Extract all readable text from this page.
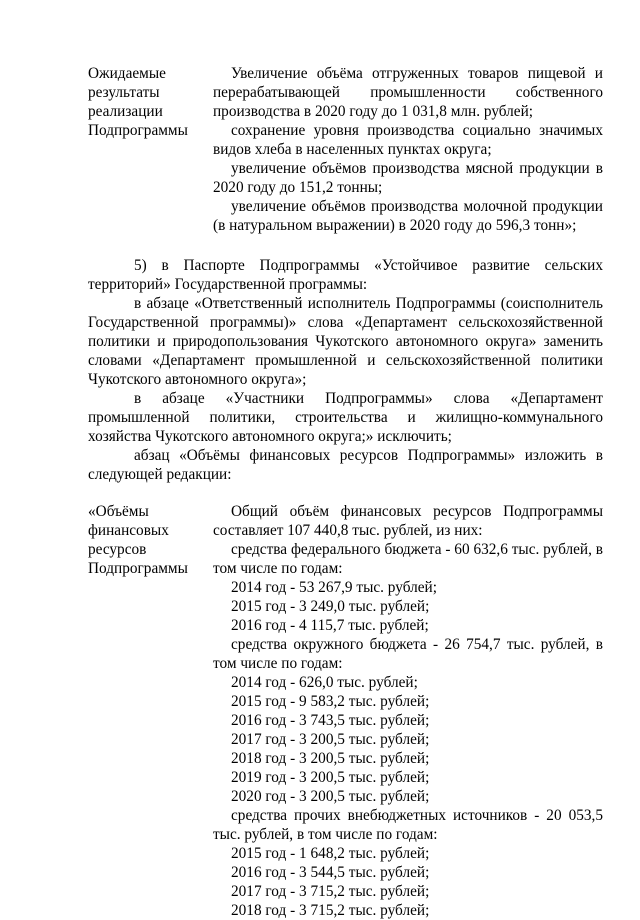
Ожидаемые
результаты
реализации
Подпрограммы
Увеличение объёма отгруженных товаров пищевой и перерабатывающей промышленности собственного производства в 2020 году до 1 031,8 млн. рублей;
сохранение уровня производства социально значимых видов хлеба в населенных пунктах округа;
увеличение объёмов производства мясной продукции в 2020 году до 151,2 тонны;
увеличение объёмов производства молочной продукции (в натуральном выражении) в 2020 году до 596,3 тонн»;
5) в Паспорте Подпрограммы «Устойчивое развитие сельских территорий» Государственной программы:
в абзаце «Ответственный исполнитель Подпрограммы (соисполнитель Государственной программы)» слова «Департамент сельскохозяйственной политики и природопользования Чукотского автономного округа» заменить словами «Департамент промышленной и сельскохозяйственной политики Чукотского автономного округа»;
в абзаце «Участники Подпрограммы» слова «Департамент промышленной политики, строительства и жилищно-коммунального хозяйства Чукотского автономного округа;» исключить;
абзац «Объёмы финансовых ресурсов Подпрограммы» изложить в следующей редакции:
«Объёмы
финансовых
ресурсов
Подпрограммы
Общий объём финансовых ресурсов Подпрограммы составляет 107 440,8 тыс. рублей, из них:
средства федерального бюджета - 60 632,6 тыс. рублей, в том числе по годам:
2014 год - 53 267,9 тыс. рублей;
2015 год - 3 249,0 тыс. рублей;
2016 год - 4 115,7 тыс. рублей;
средства окружного бюджета - 26 754,7 тыс. рублей, в том числе по годам:
2014 год - 626,0 тыс. рублей;
2015 год - 9 583,2 тыс. рублей;
2016 год - 3 743,5 тыс. рублей;
2017 год - 3 200,5 тыс. рублей;
2018 год - 3 200,5 тыс. рублей;
2019 год - 3 200,5 тыс. рублей;
2020 год - 3 200,5 тыс. рублей;
средства прочих внебюджетных источников - 20 053,5 тыс. рублей, в том числе по годам:
2015 год - 1 648,2 тыс. рублей;
2016 год - 3 544,5 тыс. рублей;
2017 год - 3 715,2 тыс. рублей;
2018 год - 3 715,2 тыс. рублей;
